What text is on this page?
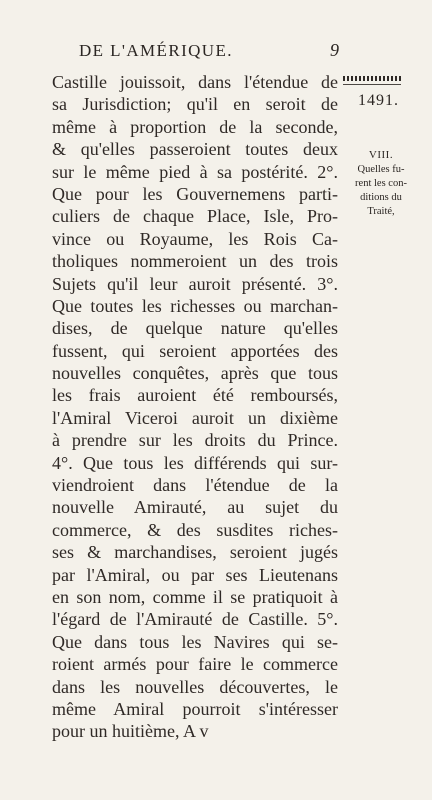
DE L'AMÉRIQUE.	9
1491.
VIII.
Quelles fu-
rent les con-
ditions du
Traité,
Castille jouissoit, dans l'étendue de
sa Jurisdiction; qu'il en seroit de
même à proportion de la seconde,
& qu'elles passeroient toutes deux
sur le même pied à sa postérité. 2°.
Que pour les Gouvernemens parti-
culiers de chaque Place, Isle, Pro-
vince ou Royaume, les Rois Ca-
tholiques nommeroient un des trois
Sujets qu'il leur auroit présenté. 3°.
Que toutes les richesses ou marchan-
dises, de quelque nature qu'elles
fussent, qui seroient apportées des
nouvelles conquêtes, après que tous
les frais auroient été remboursés,
l'Amiral Viceroi auroit un dixième
à prendre sur les droits du Prince.
4°. Que tous les différends qui sur-
viendroient dans l'étendue de la
nouvelle Amirauté, au sujet du
commerce, & des susdites riches-
ses & marchandises, seroient jugés
par l'Amiral, ou par ses Lieutenans
en son nom, comme il se pratiquoit à
l'égard de l'Amirauté de Castille. 5°.
Que dans tous les Navires qui se-
roient armés pour faire le commerce
dans les nouvelles découvertes, le
même Amiral pourroit s'intéresser
pour un huitième, A v
